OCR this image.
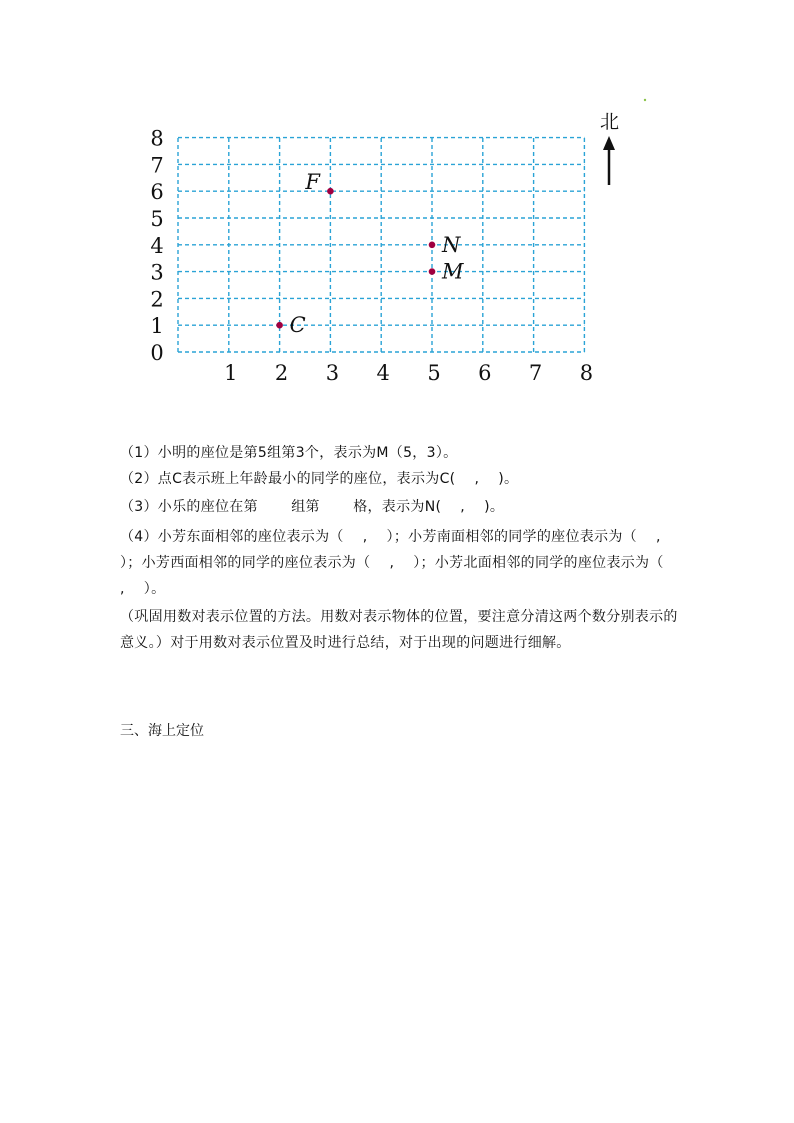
0
1
2
3
4
5
6
7
8
1 2 3 4 5 6 7 8
F
N
M
C
北
（1）小明的座位是第5组第3个，表示为M（5，3）。
（2）点C表示班上年龄最小的同学的座位，表示为C(　 ,　 )。
（3）小乐的座位在第　　 组第　　 格，表示为N(　 ,　 )。
（4）小芳东面相邻的座位表示为（　 ,　 ）；小芳南面相邻的同学的座位表示为（　 ,　 ）；小芳西面相邻的同学的座位表示为（　 ,　 ）；小芳北面相邻的同学的座位表示为（　 ,　 ）。
（巩固用数对表示位置的方法。用数对表示物体的位置，要注意分清这两个数分别表示的意义。）对于用数对表示位置及时进行总结，对于出现的问题进行细解。
三、海上定位
